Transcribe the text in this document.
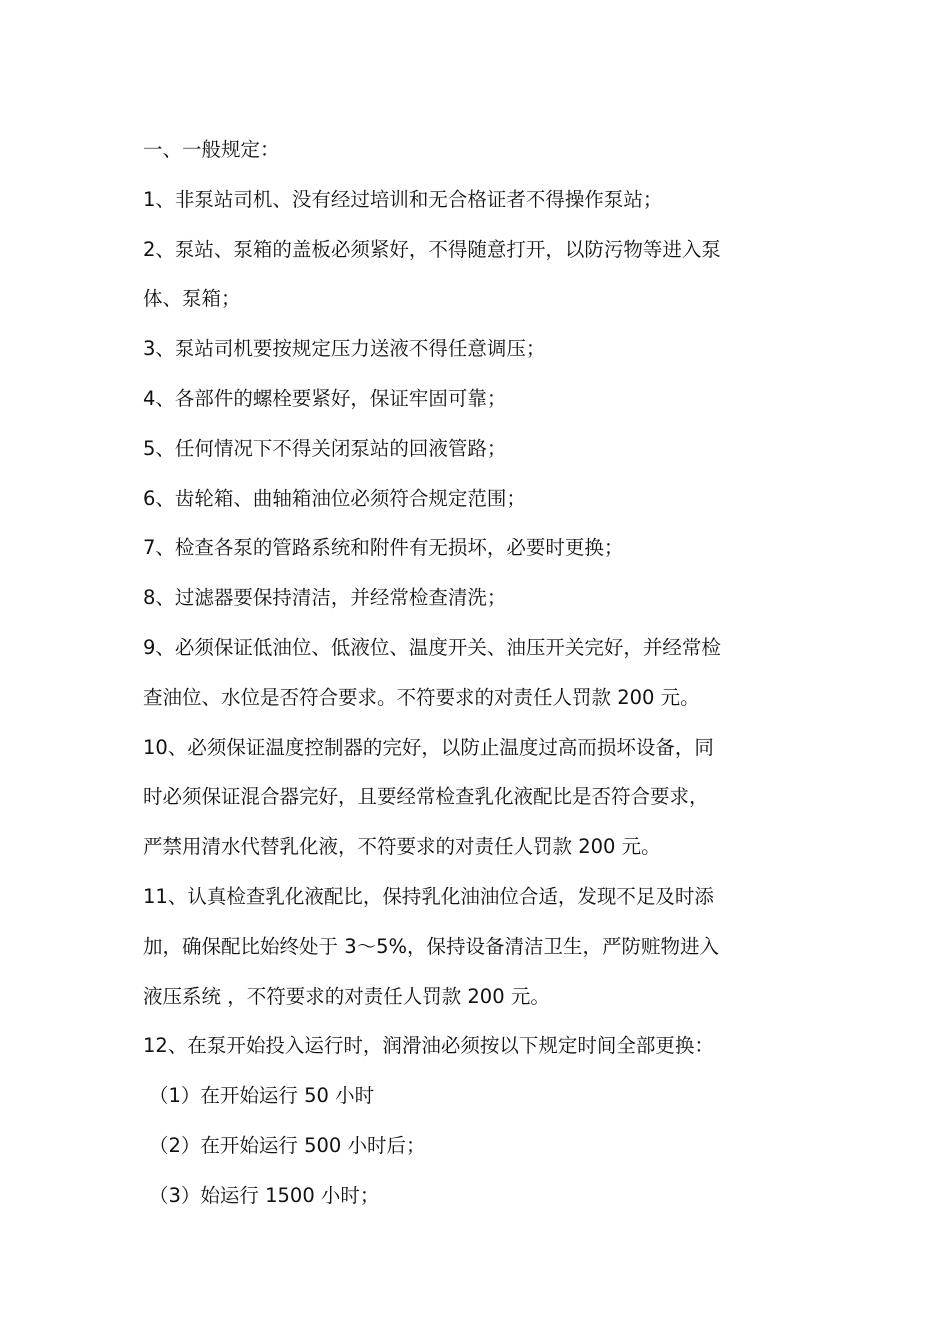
一、一般规定：
1、非泵站司机、没有经过培训和无合格证者不得操作泵站；
2、泵站、泵箱的盖板必须紧好，不得随意打开，以防污物等进入泵
体、泵箱；
3、泵站司机要按规定压力送液不得任意调压；
4、各部件的螺栓要紧好，保证牢固可靠；
5、任何情况下不得关闭泵站的回液管路；
6、齿轮箱、曲轴箱油位必须符合规定范围；
7、检查各泵的管路系统和附件有无损坏，必要时更换；
8、过滤器要保持清洁，并经常检查清洗；
9、必须保证低油位、低液位、温度开关、油压开关完好，并经常检
查油位、水位是否符合要求。不符要求的对责任人罚款 200 元。
10、必须保证温度控制器的完好，以防止温度过高而损坏设备，同
时必须保证混合器完好，且要经常检查乳化液配比是否符合要求，
严禁用清水代替乳化液，不符要求的对责任人罚款 200 元。
11、认真检查乳化液配比，保持乳化油油位合适，发现不足及时添
加，确保配比始终处于 3～5%，保持设备清洁卫生，严防赃物进入
液压系统 ，不符要求的对责任人罚款 200 元。
12、在泵开始投入运行时，润滑油必须按以下规定时间全部更换：
（1）在开始运行 50 小时
（2）在开始运行 500 小时后；
（3）始运行 1500 小时；
